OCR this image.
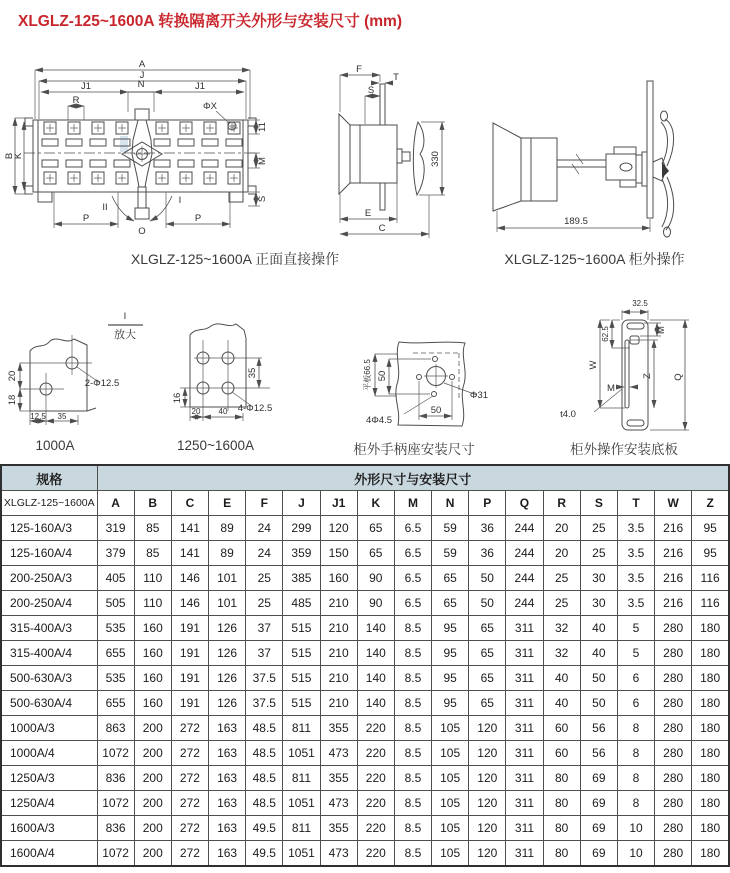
XLGLZ-125~1600A 转换隔离开关外形与安装尺寸 (mm)
A
J
J1	N	J1
R
ΦX
11
M
S
B
K
II
I
P
O
P
XLGLZ-125~1600A 正面直接操作
F
T
S
330
E
C
189.5
XLGLZ-125~1600A 柜外操作
I
放大
20
18
12.5 35
2-Φ12.5
1000A
35
16
20 40 4-Φ12.5
1250~1600A
平板66.5 50
50
4Φ4.5
Φ31
柜外手柄座安装尺寸
32.5
62.5	M
W
M
Z Q
t4.0
柜外操作安装底板
规格	外形尺寸与安装尺寸																
XLGLZ-125~1600A	A	B	C	E	F	J	J1	K	M	N	P	Q	R	S	T	W	Z
125-160A/3	319	85	141	89	24	299	120	65	6.5	59	36	244	20	25	3.5	216	95
125-160A/4	379	85	141	89	24	359	150	65	6.5	59	36	244	20	25	3.5	216	95
200-250A/3	405	110	146	101	25	385	160	90	6.5	65	50	244	25	30	3.5	216	116
200-250A/4	505	110	146	101	25	485	210	90	6.5	65	50	244	25	30	3.5	216	116
315-400A/3	535	160	191	126	37	515	210	140	8.5	95	65	311	32	40	5	280	180
315-400A/4	655	160	191	126	37	515	210	140	8.5	95	65	311	32	40	5	280	180
500-630A/3	535	160	191	126	37.5	515	210	140	8.5	95	65	311	40	50	6	280	180
500-630A/4	655	160	191	126	37.5	515	210	140	8.5	95	65	311	40	50	6	280	180
1000A/3	863	200	272	163	48.5	811	355	220	8.5	105	120	311	60	56	8	280	180
1000A/4	1072	200	272	163	48.5	1051	473	220	8.5	105	120	311	60	56	8	280	180
1250A/3	836	200	272	163	48.5	811	355	220	8.5	105	120	311	80	69	8	280	180
1250A/4	1072	200	272	163	48.5	1051	473	220	8.5	105	120	311	80	69	8	280	180
1600A/3	836	200	272	163	49.5	811	355	220	8.5	105	120	311	80	69	10	280	180
1600A/4	1072	200	272	163	49.5	1051	473	220	8.5	105	120	311	80	69	10	280	180
